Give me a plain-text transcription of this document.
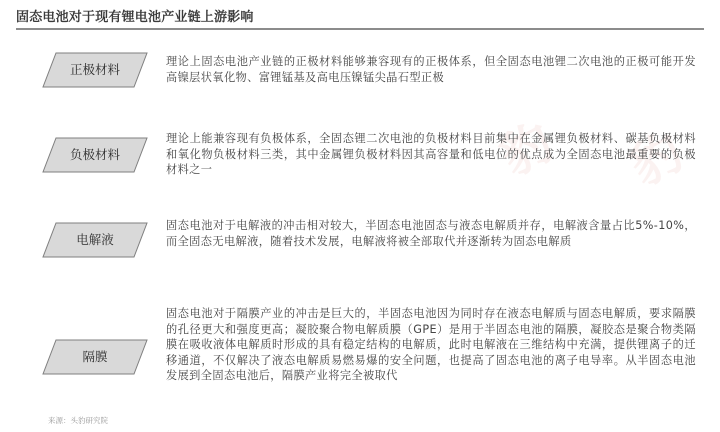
固态电池对于现有锂电池产业链上游影响
豹 豹
正极材料
理论上固态电池产业链的正极材料能够兼容现有的正极体系，但全固态电池锂二次电池的正极可能开发高镍层状氧化物、富锂锰基及高电压镍锰尖晶石型正极
负极材料
理论上能兼容现有负极体系，全固态锂二次电池的负极材料目前集中在金属锂负极材料、碳基负极材料和氧化物负极材料三类，其中金属锂负极材料因其高容量和低电位的优点成为全固态电池最重要的负极材料之一
电解液
固态电池对于电解液的冲击相对较大，半固态电池固态与液态电解质并存，电解液含量占比5%-10%，而全固态无电解液，随着技术发展，电解液将被全部取代并逐渐转为固态电解质
隔膜
固态电池对于隔膜产业的冲击是巨大的，半固态电池因为同时存在液态电解质与固态电解质，要求隔膜的孔径更大和强度更高；凝胶聚合物电解质膜（GPE）是用于半固态电池的隔膜，凝胶态是聚合物类隔膜在吸收液体电解质时形成的具有稳定结构的电解质，此时电解液在三维结构中充满，提供锂离子的迁移通道，不仅解决了液态电解质易燃易爆的安全问题，也提高了固态电池的离子电导率。从半固态电池发展到全固态电池后，隔膜产业将完全被取代
来源：头豹研究院
